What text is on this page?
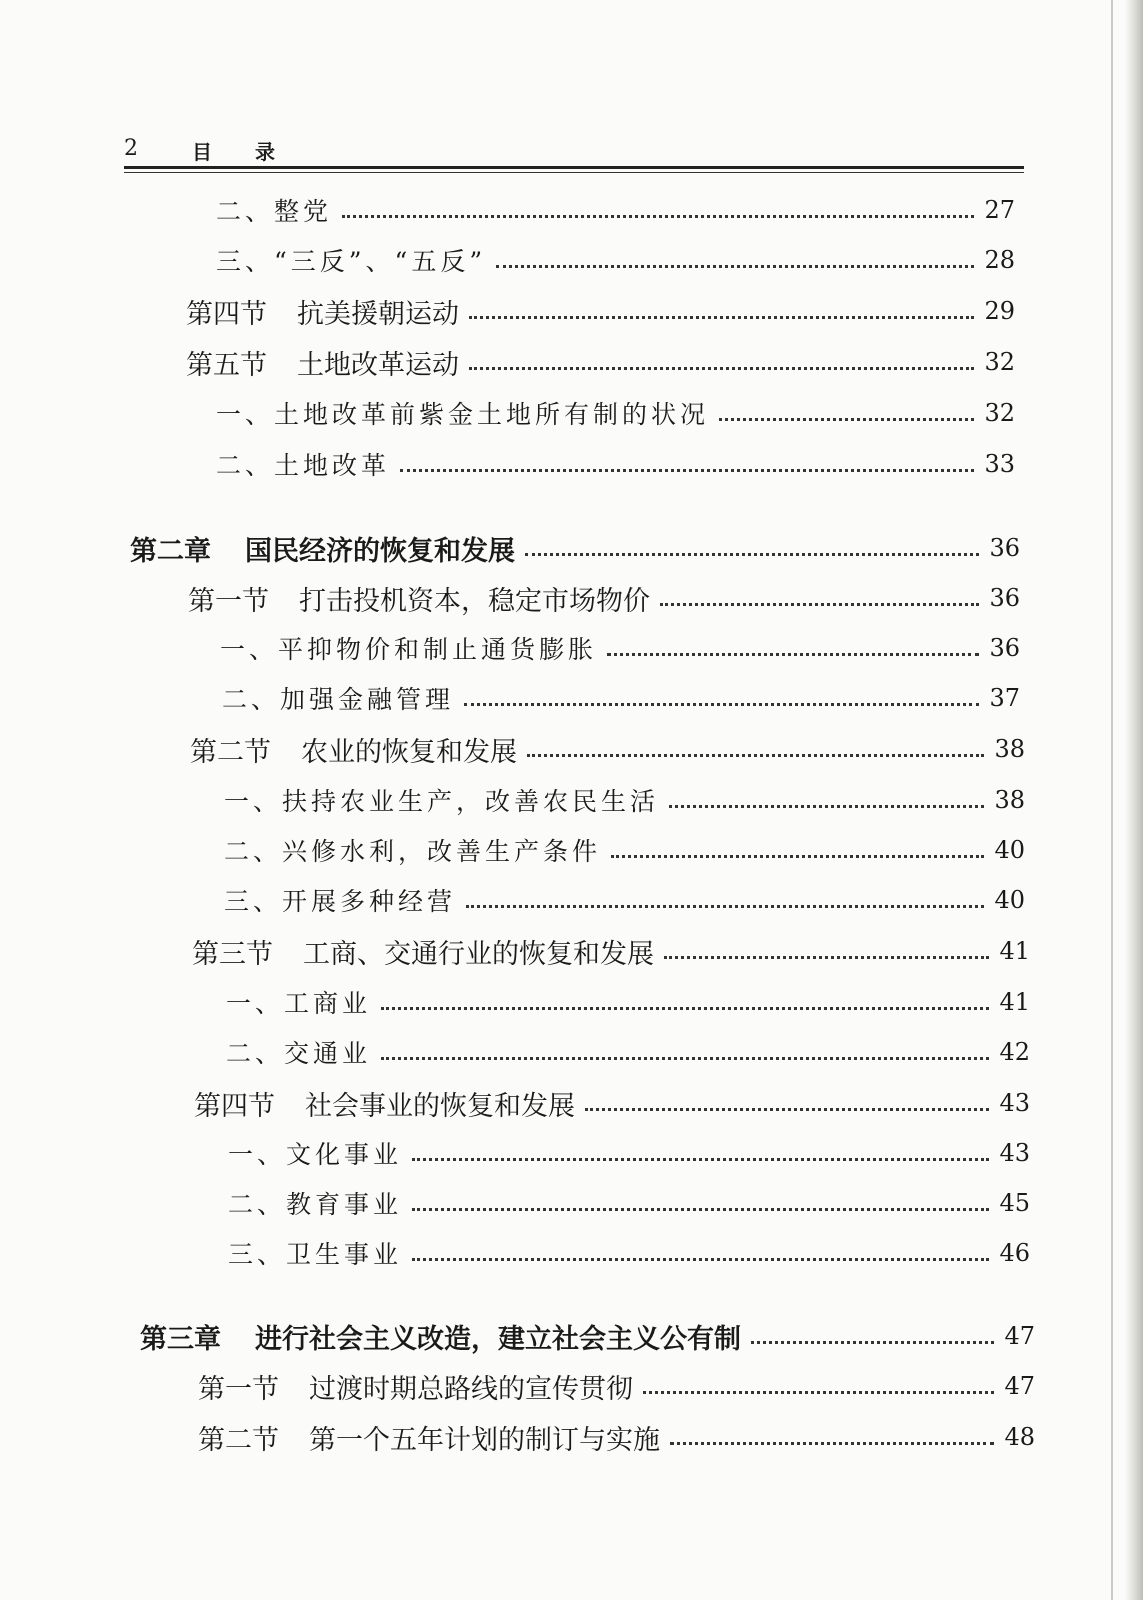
2	目 录
二、整党	27
三、“三反”、“五反”	28
第四节 抗美援朝运动	29
第五节 土地改革运动	32
一、土地改革前紫金土地所有制的状况	32
二、土地改革	33
第二章 国民经济的恢复和发展	36
第一节 打击投机资本，稳定市场物价	36
一、平抑物价和制止通货膨胀	36
二、加强金融管理	37
第二节 农业的恢复和发展	38
一、扶持农业生产，改善农民生活	38
二、兴修水利，改善生产条件	40
三、开展多种经营	40
第三节 工商、交通行业的恢复和发展	41
一、工商业	41
二、交通业	42
第四节 社会事业的恢复和发展	43
一、文化事业	43
二、教育事业	45
三、卫生事业	46
第三章 进行社会主义改造，建立社会主义公有制	47
第一节 过渡时期总路线的宣传贯彻	47
第二节 第一个五年计划的制订与实施	48
